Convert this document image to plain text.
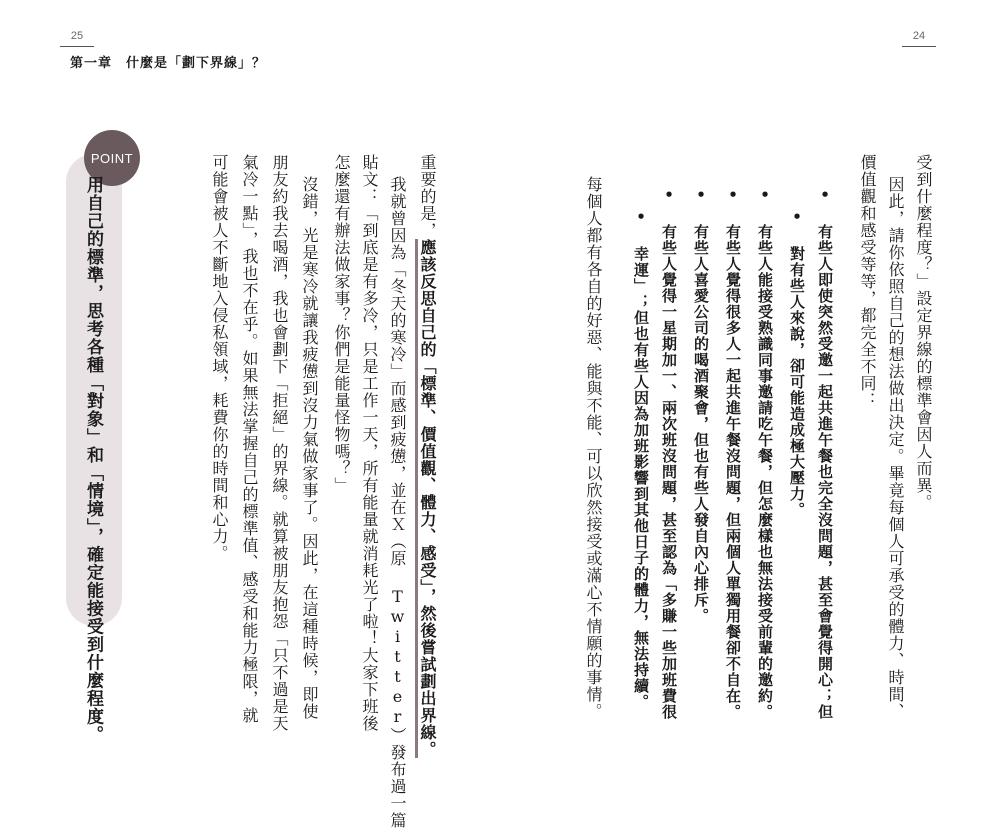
25	24
第一章　什麼是「劃下界線」？

受到什麼程度？」設定界線的標準會因人而異。

因此，請你依照自己的想法做出決定。畢竟每個人可承受的體力、時間、

價值觀和感受等等，都完全不同：

• 有些人即使突然受邀一起共進午餐也完全沒問題，甚至會覺得開心；但

• 對有些人來說，卻可能造成極大壓力。

• 有些人能接受熟識同事邀請吃午餐，但怎麼樣也無法接受前輩的邀約。

• 有些人覺得很多人一起共進午餐沒問題，但兩個人單獨用餐卻不自在。

• 有些人喜愛公司的喝酒聚會，但也有些人發自內心排斥。

• 有些人覺得一星期加一、兩次班沒問題，甚至認為「多賺一些加班費很

• 幸運」；但也有些人因為加班影響到其他日子的體力，無法持續。

每個人都有各自的好惡、能與不能、可以欣然接受或滿心不情願的事情。

重要的是，應該反思自己的「標準、價值觀、體力、感受」，然後嘗試劃出界線。

我就曾因為「冬天的寒冷」而感到疲憊，並在Ｘ（原 Twitter）發布過一篇

貼文：「到底是有多冷，只是工作一天，所有能量就消耗光了啦！大家下班後

怎麼還有辦法做家事？你們是能量怪物嗎？」

沒錯，光是寒冷就讓我疲憊到沒力氣做家事了。因此，在這種時候，即使

朋友約我去喝酒，我也會劃下「拒絕」的界線。就算被朋友抱怨「只不過是天

氣冷一點」，我也不在乎。如果無法掌握自己的標準值、感受和能力極限，就

可能會被人不斷地入侵私領域，耗費你的時間和心力。

POINT
用自己的標準，思考各種「對象」和「情境」，確定能接受到什麼程度。
